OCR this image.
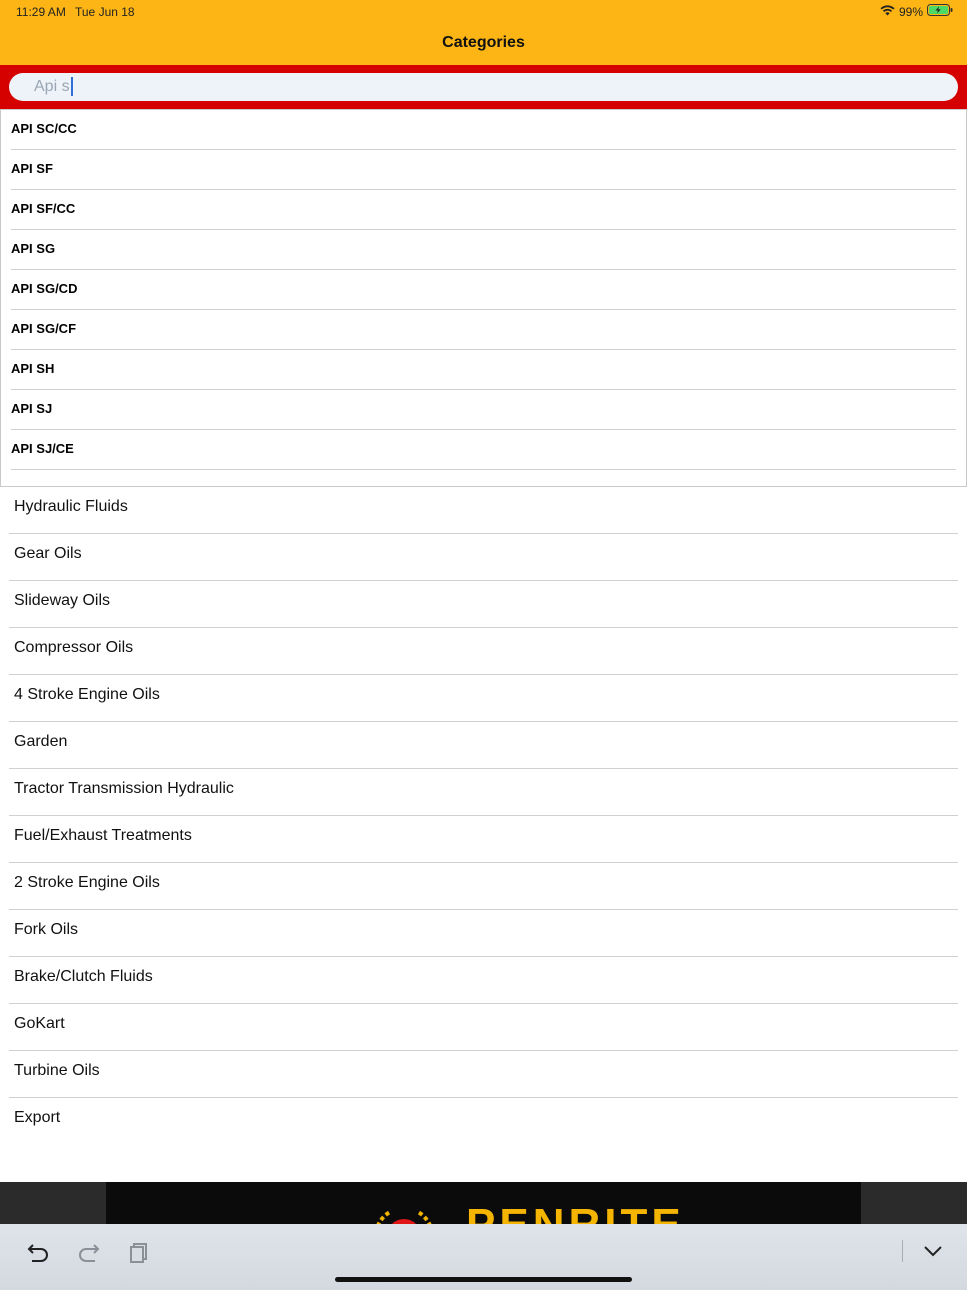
11:29 AM Tue Jun 18	99%
Categories
Api s
API SC/CC
API SF
API SF/CC
API SG
API SG/CD
API SG/CF
API SH
API SJ
API SJ/CE
Hydraulic Fluids
Gear Oils
Slideway Oils
Compressor Oils
4 Stroke Engine Oils
Garden
Tractor Transmission Hydraulic
Fuel/Exhaust Treatments
2 Stroke Engine Oils
Fork Oils
Brake/Clutch Fluids
GoKart
Turbine Oils
Export
